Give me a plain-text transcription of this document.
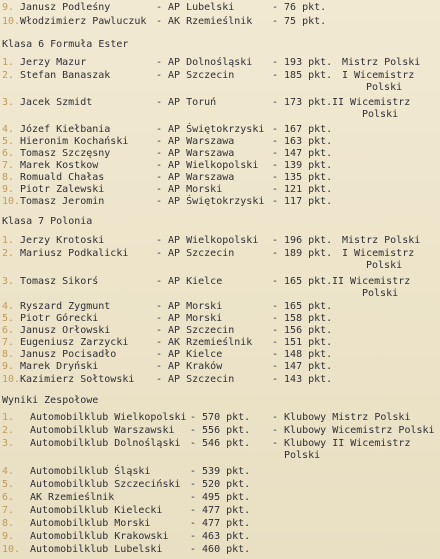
9. Janusz Podleśny	- AP Lubelski	- 76 pkt.
10. Włodzimierz Pawluczuk - AK Rzemieślnik - 75 pkt.
Klasa 6 Formuła Ester
1. Jerzy Mazur	- AP Dolnośląski - 193 pkt. Mistrz Polski
2. Stefan Banaszak	- AP Szczecin	- 185 pkt. I Wicemistrz
Polski
3. Jacek Szmidt	- AP Toruń	- 173 pkt. II Wicemistrz
Polski
4. Józef Kiełbania	- AP Świętokrzyski - 167 pkt.
5. Hieronim Kochański	- AP Warszawa	- 163 pkt.
6. Tomasz Szczęsny	- AP Warszawa	- 147 pkt.
7. Marek Kostkow	- AP Wielkopolski - 139 pkt.
8. Romuald Chałas	- AP Warszawa	- 135 pkt.
9. Piotr Zalewski	- AP Morski	- 121 pkt.
10. Tomasz Jeromin	- AP Świętokrzyski - 117 pkt.
Klasa 7 Polonia
1. Jerzy Krotoski	- AP Wielkopolski - 196 pkt. Mistrz Polski
2. Mariusz Podkalicki	- AP Szczecin	- 189 pkt. I Wicemistrz
Polski
3. Tomasz Sikorś	- AP Kielce	- 165 pkt. II Wicemistrz
Polski
4. Ryszard Zygmunt	- AP Morski	- 165 pkt.
5. Piotr Górecki	- AP Morski	- 158 pkt.
6. Janusz Orłowski	- AP Szczecin	- 156 pkt.
7. Eugeniusz Zarzycki	- AK Rzemieślnik - 151 pkt.
8. Janusz Pocisadło	- AP Kielce	- 148 pkt.
9. Marek Dryński	- AP Kraków	- 147 pkt.
10. Kazimierz Sołtowski - AP Szczecin	- 143 pkt.
Wyniki Zespołowe
1. Automobilklub Wielkopolski - 570 pkt. - Klubowy Mistrz Polski
2. Automobilklub Warszawski - 556 pkt. - Klubowy Wicemistrz Polski
3. Automobilklub Dolnośląski - 546 pkt. - Klubowy II Wicemistrz
Polski
4. Automobilklub Śląski	- 539 pkt.
5. Automobilklub Szczeciński - 520 pkt.
6. AK Rzemieślnik	- 495 pkt.
7. Automobilklub Kielecki	- 477 pkt.
8. Automobilklub Morski	- 477 pkt.
9. Automobilklub Krakowski - 463 pkt.
10. Automobilklub Lubelski	- 460 pkt.
